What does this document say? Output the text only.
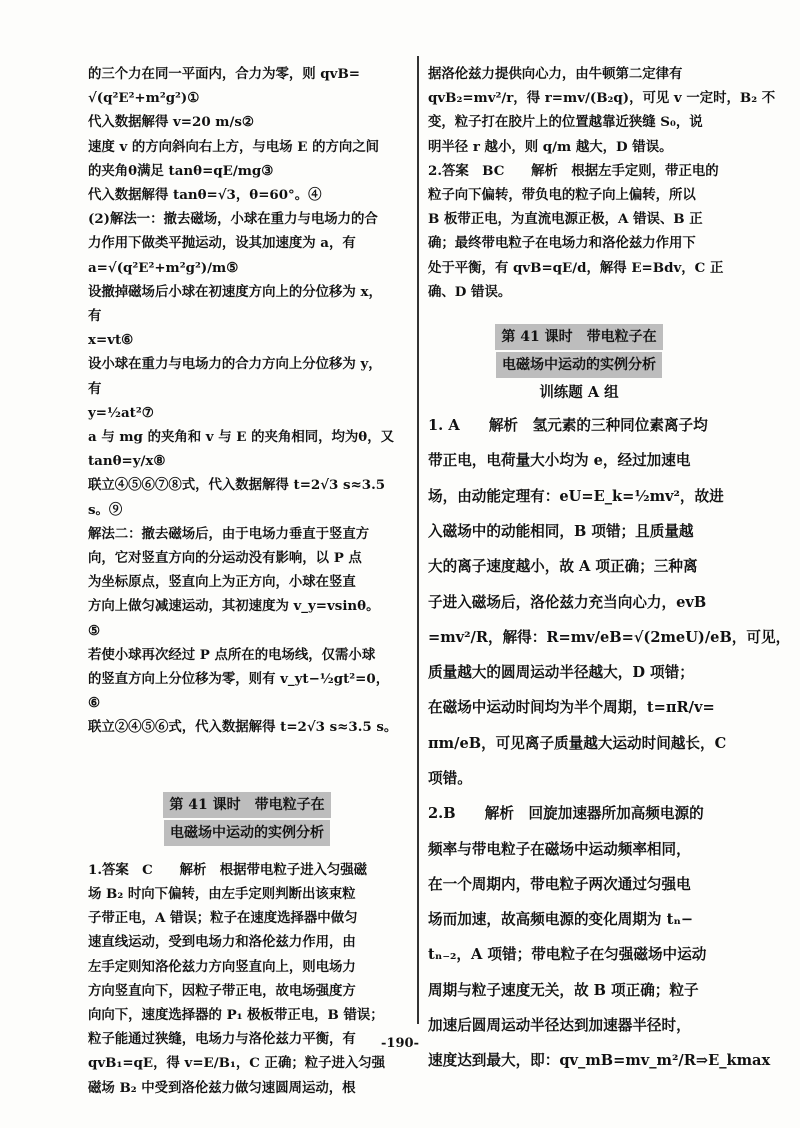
的三个力在同一平面内，合力为零，则 qvB=
√(q²E²+m²g²)①
代入数据解得 v=20 m/s②
速度 v 的方向斜向右上方，与电场 E 的方向之间
的夹角θ满足 tanθ=qE/mg③
代入数据解得 tanθ=√3，θ=60°。④
(2)解法一：撤去磁场，小球在重力与电场力的合
力作用下做类平抛运动，设其加速度为 a，有
a=√(q²E²+m²g²)/m⑤
设撤掉磁场后小球在初速度方向上的分位移为 x，
有
x=vt⑥
设小球在重力与电场力的合力方向上分位移为 y，
有
y=½at²⑦
a 与 mg 的夹角和 v 与 E 的夹角相同，均为θ，又
tanθ=y/x⑧
联立④⑤⑥⑦⑧式，代入数据解得 t=2√3 s≈3.5
s。⑨
解法二：撤去磁场后，由于电场力垂直于竖直方
向，它对竖直方向的分运动没有影响，以 P 点
为坐标原点，竖直向上为正方向，小球在竖直
方向上做匀减速运动，其初速度为 v_y=vsinθ。
⑤
若使小球再次经过 P 点所在的电场线，仅需小球
的竖直方向上分位移为零，则有 v_yt−½gt²=0，
⑥
联立②④⑤⑥式，代入数据解得 t=2√3 s≈3.5 s。
第 41 课时　带电粒子在
电磁场中运动的实例分析
1.答案　C　　解析　根据带电粒子进入匀强磁
场 B₂ 时向下偏转，由左手定则判断出该束粒
子带正电，A 错误；粒子在速度选择器中做匀
速直线运动，受到电场力和洛伦兹力作用，由
左手定则知洛伦兹力方向竖直向上，则电场力
方向竖直向下，因粒子带正电，故电场强度方
向向下，速度选择器的 P₁ 极板带正电，B 错误；
粒子能通过狭缝，电场力与洛伦兹力平衡，有
qvB₁=qE，得 v=E/B₁，C 正确；粒子进入匀强
磁场 B₂ 中受到洛伦兹力做匀速圆周运动，根
据洛伦兹力提供向心力，由牛顿第二定律有
qvB₂=mv²/r，得 r=mv/(B₂q)，可见 v 一定时，B₂ 不
变，粒子打在胶片上的位置越靠近狭缝 S₀，说
明半径 r 越小，则 q/m 越大，D 错误。
2.答案　BC　　解析　根据左手定则，带正电的
粒子向下偏转，带负电的粒子向上偏转，所以
B 板带正电，为直流电源正极，A 错误、B 正
确；最终带电粒子在电场力和洛伦兹力作用下
处于平衡，有 qvB=qE/d，解得 E=Bdv，C 正
确、D 错误。
第 41 课时　带电粒子在
电磁场中运动的实例分析
训练题 A 组
1. A　　解析　氢元素的三种同位素离子均
带正电，电荷量大小均为 e，经过加速电
场，由动能定理有：eU=E_k=½mv²，故进
入磁场中的动能相同，B 项错；且质量越
大的离子速度越小，故 A 项正确；三种离
子进入磁场后，洛伦兹力充当向心力，evB
=mv²/R，解得：R=mv/eB=√(2meU)/eB，可见，
质量越大的圆周运动半径越大，D 项错；
在磁场中运动时间均为半个周期，t=πR/v=
πm/eB，可见离子质量越大运动时间越长，C
项错。
2.B　　解析　回旋加速器所加高频电源的
频率与带电粒子在磁场中运动频率相同，
在一个周期内，带电粒子两次通过匀强电
场而加速，故高频电源的变化周期为 tₙ−
tₙ₋₂，A 项错；带电粒子在匀强磁场中运动
周期与粒子速度无关，故 B 项正确；粒子
加速后圆周运动半径达到加速器半径时，
速度达到最大，即：qv_mB=mv_m²/R⇒E_kmax
-190-
